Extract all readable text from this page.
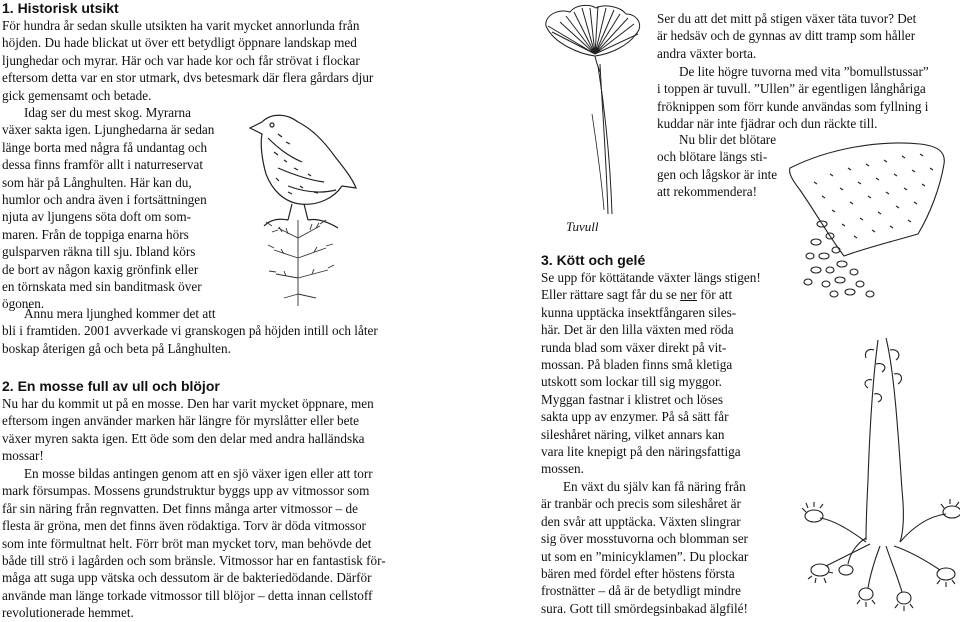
1. Historisk utsikt
För hundra år sedan skulle utsikten ha varit mycket annorlunda från
höjden. Du hade blickat ut över ett betydligt öppnare landskap med
ljunghedar och myrar. Här och var hade kor och får strövat i flockar
eftersom detta var en stor utmark, dvs betesmark där flera gårdars djur
gick gemensamt och betade.
Idag ser du mest skog. Myrarna
växer sakta igen. Ljunghedarna är sedan
länge borta med några få undantag och
dessa finns framför allt i naturreservat
som här på Långhulten. Här kan du,
humlor och andra även i fortsättningen
njuta av ljungens söta doft om som-
maren. Från de toppiga enarna hörs
gulsparven räkna till sju. Ibland körs
de bort av någon kaxig grönfink eller
en törnskata med sin banditmask över
ögonen.
Ännu mera ljunghed kommer det att
bli i framtiden. 2001 avverkade vi granskogen på höjden intill och låter
boskap återigen gå och beta på Långhulten.
2. En mosse full av ull och blöjor
Nu har du kommit ut på en mosse. Den har varit mycket öppnare, men
eftersom ingen använder marken här längre för myrslåtter eller bete
växer myren sakta igen. Ett öde som den delar med andra halländska
mossar!
En mosse bildas antingen genom att en sjö växer igen eller att torr
mark försumpas. Mossens grundstruktur byggs upp av vitmossor som
får sin näring från regnvatten. Det finns många arter vitmossor – de
flesta är gröna, men det finns även rödaktiga. Torv är döda vitmossor
som inte förmultnat helt. Förr bröt man mycket torv, man behövde det
både till strö i lagården och som bränsle. Vitmossor har en fantastisk för-
måga att suga upp vätska och dessutom är de bakteriedödande. Därför
använde man länge torkade vitmossor till blöjor – detta innan cellstoff
revolutionerade hemmet.
Tuvull
Ser du att det mitt på stigen växer täta tuvor? Det
är hedsäv och de gynnas av ditt tramp som håller
andra växter borta.
De lite högre tuvorna med vita ”bomullstussar”
i toppen är tuvull. ”Ullen” är egentligen långhåriga
fröknippen som förr kunde användas som fyllning i
kuddar när inte fjädrar och dun räckte till.
Nu blir det blötare
och blötare längs sti-
gen och lågskor är inte
att rekommendera!
3. Kött och gelé
Se upp för köttätande växter längs stigen!
Eller rättare sagt får du se ner för att
kunna upptäcka insektfångaren siles-
här. Det är den lilla växten med röda
runda blad som växer direkt på vit-
mossan. På bladen finns små kletiga
utskott som lockar till sig myggor.
Myggan fastnar i klistret och löses
sakta upp av enzymer. På så sätt får
sileshåret näring, vilket annars kan
vara lite knepigt på den näringsfattiga
mossen.
En växt du själv kan få näring från
är tranbär och precis som sileshåret är
den svår att upptäcka. Växten slingrar
sig över mosstuvorna och blomman ser
ut som en ”minicyklamen”. Du plockar
bären med fördel efter höstens första
frostnätter – då är de betydligt mindre
sura. Gott till smördegsinbakad älgfilé!
